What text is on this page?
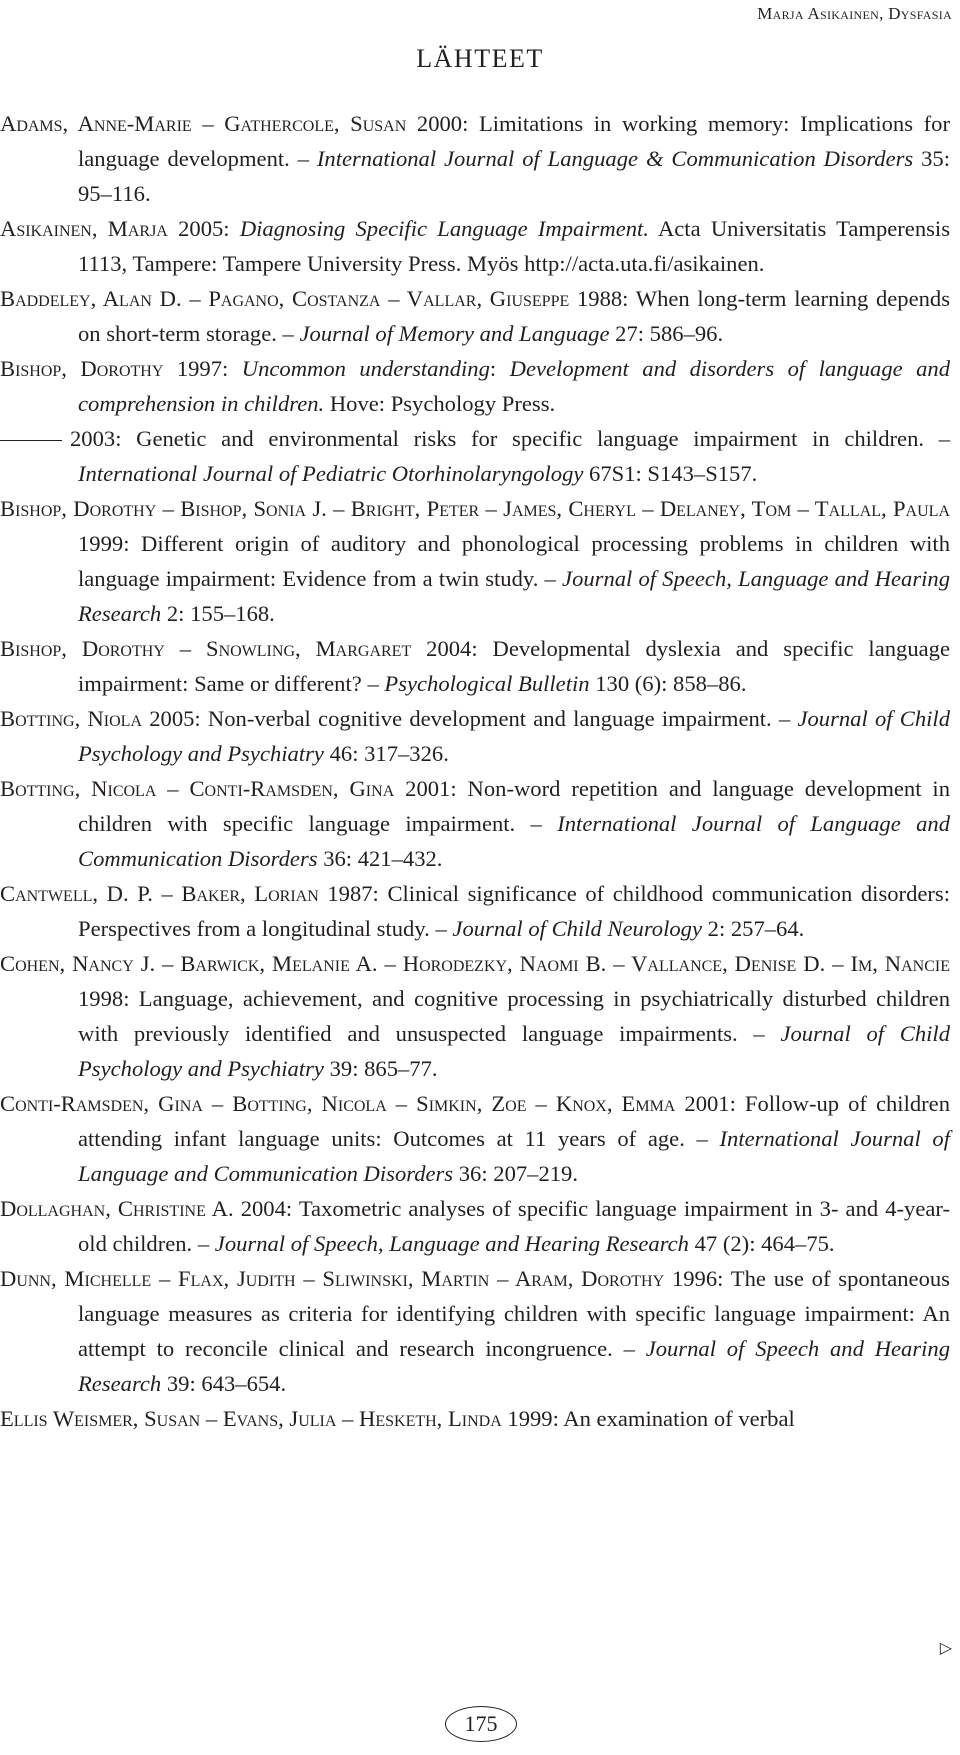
Marja Asikainen, Dysfasia
LÄHTEET
Adams, Anne-Marie – Gathercole, Susan 2000: Limitations in working memory: Implications for language development. – International Journal of Language & Communication Disorders 35: 95–116.
Asikainen, Marja 2005: Diagnosing Specific Language Impairment. Acta Universitatis Tamperensis 1113, Tampere: Tampere University Press. Myös http://acta.uta.fi/asikainen.
Baddeley, Alan D. – Pagano, Costanza – Vallar, Giuseppe 1988: When long-term learning depends on short-term storage. – Journal of Memory and Language 27: 586–96.
Bishop, Dorothy 1997: Uncommon understanding: Development and disorders of language and comprehension in children. Hove: Psychology Press.
2003: Genetic and environmental risks for specific language impairment in children. – International Journal of Pediatric Otorhinolaryngology 67S1: S143–S157.
Bishop, Dorothy – Bishop, Sonia J. – Bright, Peter – James, Cheryl – Delaney, Tom – Tallal, Paula 1999: Different origin of auditory and phonological processing problems in children with language impairment: Evidence from a twin study. – Journal of Speech, Language and Hearing Research 2: 155–168.
Bishop, Dorothy – Snowling, Margaret 2004: Developmental dyslexia and specific language impairment: Same or different? – Psychological Bulletin 130 (6): 858–86.
Botting, Niola 2005: Non-verbal cognitive development and language impairment. – Journal of Child Psychology and Psychiatry 46: 317–326.
Botting, Nicola – Conti-Ramsden, Gina 2001: Non-word repetition and language development in children with specific language impairment. – International Journal of Language and Communication Disorders 36: 421–432.
Cantwell, D. P. – Baker, Lorian 1987: Clinical significance of childhood communication disorders: Perspectives from a longitudinal study. – Journal of Child Neurology 2: 257–64.
Cohen, Nancy J. – Barwick, Melanie A. – Horodezky, Naomi B. – Vallance, Denise D. – Im, Nancie 1998: Language, achievement, and cognitive processing in psychiatrically disturbed children with previously identified and unsuspected language impairments. – Journal of Child Psychology and Psychiatry 39: 865–77.
Conti-Ramsden, Gina – Botting, Nicola – Simkin, Zoe – Knox, Emma 2001: Follow-up of children attending infant language units: Outcomes at 11 years of age. – International Journal of Language and Communication Disorders 36: 207–219.
Dollaghan, Christine A. 2004: Taxometric analyses of specific language impairment in 3- and 4-year-old children. – Journal of Speech, Language and Hearing Research 47 (2): 464–75.
Dunn, Michelle – Flax, Judith – Sliwinski, Martin – Aram, Dorothy 1996: The use of spontaneous language measures as criteria for identifying children with specific language impairment: An attempt to reconcile clinical and research incongruence. – Journal of Speech and Hearing Research 39: 643–654.
Ellis Weismer, Susan – Evans, Julia – Hesketh, Linda 1999: An examination of verbal
▷
175
